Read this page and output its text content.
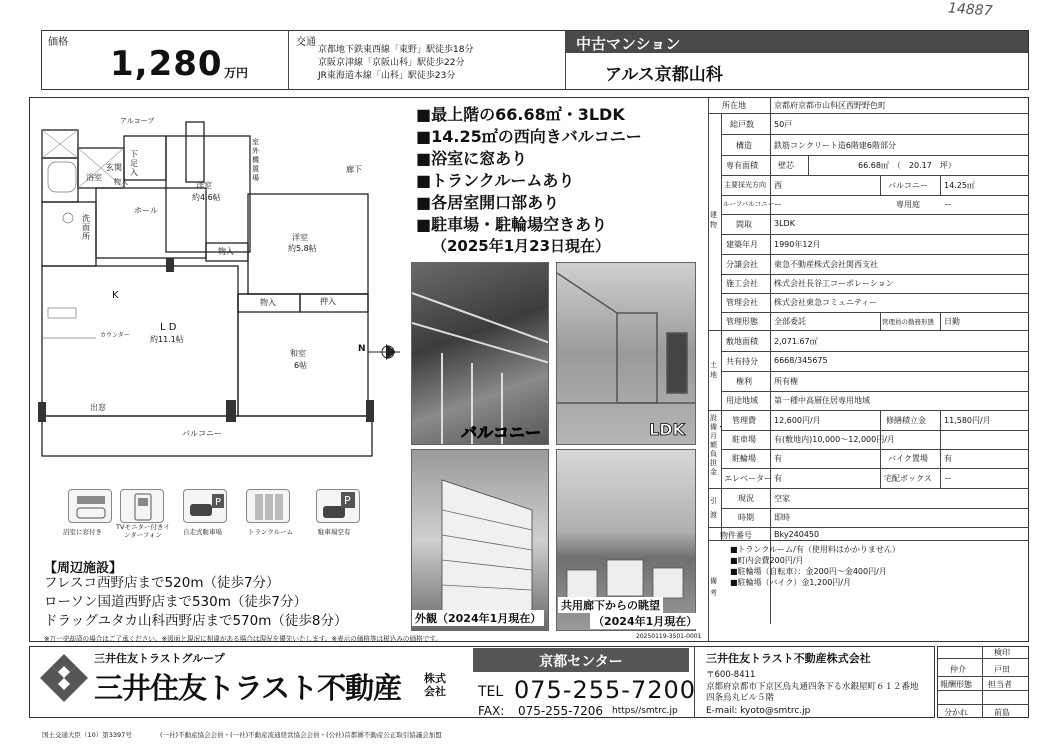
14887
価格
1,280 万円
交通
京都地下鉄東西線「東野」駅徒歩18分
京阪京津線「京阪山科」駅徒歩22分
JR東海道本線「山科」駅徒歩23分
中古マンション
アルス京都山科
アルコーブ
室外機置場
廊下
浴室
玄関
下足入
物入
洗面所
ホール
洋室
約4.6帖
洋室
約5.8帖
物入
物入	押入
K
L D
約11.1帖
カウンター
和室
6帖
出窓
バルコニー
N
■最上階の66.68㎡・3LDK
■14.25㎡の西向きバルコニー
■浴室に窓あり
■トランクルームあり
■各居室開口部あり
■駐車場・駐輪場空きあり
（2025年1月23日現在）
バルコニー	LDK
外観（2024年1月現在）
共用廊下からの眺望
（2024年1月現在）
浴室に窓付き
TVモニター付きインターフォン
P
自走式駐車場	トランクルーム
P
駐車場空有
【周辺施設】
フレスコ西野店まで520m（徒歩7分）
ローソン国道西野店まで530m（徒歩7分）
ドラッグユタカ山科西野店まで570m（徒歩8分）
※万一売却済の場合はご了承ください。※図面と現況に相違がある場合は現況を優先いたします。※表示の価格等は税込みの価格です。	20250119-3501-0001
所在地	京都府京都市山科区西野野色町
建物
総戸数	50戸
構造	鉄筋コンクリート造6階建6階部分
専有面積	壁芯	66.68㎡　（　20.17　坪）
主要採光方向 西	バルコニー 14.25㎡
ルーフバルコニー ー	専用庭	ー
間取	3LDK
建築年月 1990年12月
分譲会社 東急不動産株式会社関西支社
施工会社 株式会社長谷工コーポレーション
管理会社 株式会社東急コミュニティー
管理形態 全部委託	管理員の勤務形態 日勤
土地
敷地面積 2,071.67㎡
共有持分 6668/345675
権利	所有権
用途地域 第一種中高層住居専用地域
設備・月額負担金
管理費 12,600円/月	修繕積立金 11,580円/月
駐車場 有(敷地内)10,000〜12,000円/月
駐輪場 有	バイク置場 有
エレベーター 有	宅配ボックス ー
引渡
現況	空家
時期	即時
物件番号	Bky240450
備考
■トランクルーム/有（使用料はかかりません）
■町内会費200円/月
■駐輪場（自転車）：金200円〜金400円/月
■駐輪場（バイク）金1,200円/月
三井住友トラストグループ
三井住友トラスト不動産 株式会社
京都センター
TEL 075-255-7200
FAX: 075-255-7206 https//smtrc.jp
三井住友トラスト不動産株式会社
〒600-8411
京都府京都市下京区烏丸通四条下る水銀屋町６１２番地
四条烏丸ビル５階
E-mail: kyoto@smtrc.jp
国土交通大臣（10）第3397号	(一社)不動産協会会員・(一社)不動産流通経営協会会員・(公社)首都圏不動産公正取引協議会加盟
検印
仲介	戸田
報酬形態 担当者
分かれ	前島
